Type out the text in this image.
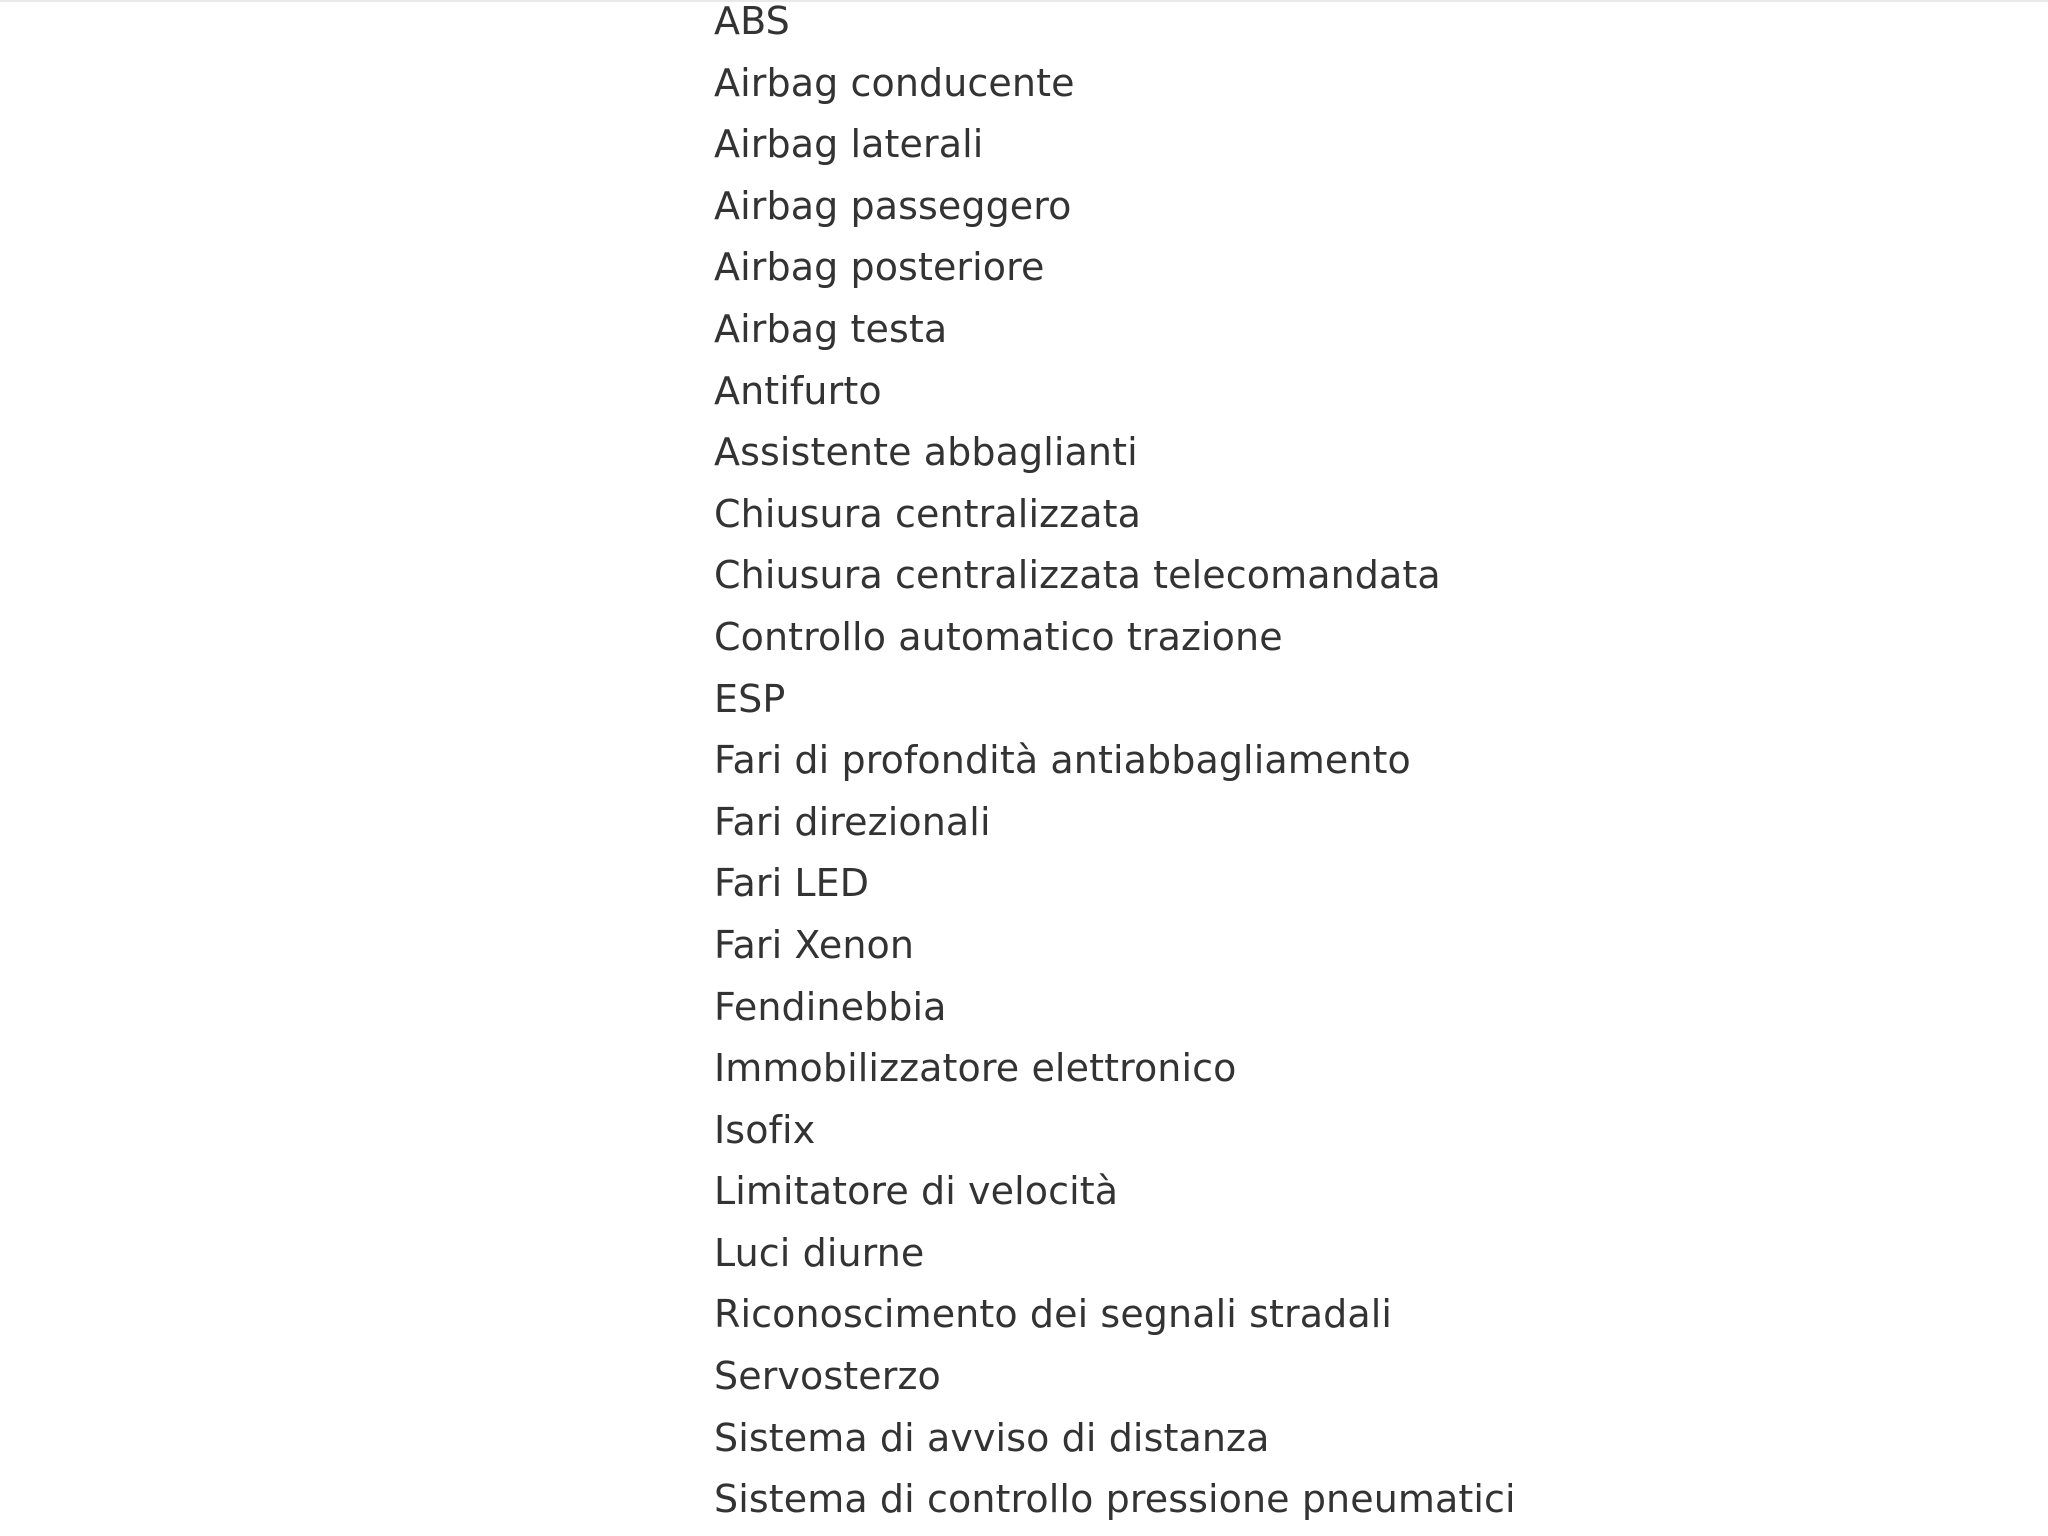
ABS
Airbag conducente
Airbag laterali
Airbag passeggero
Airbag posteriore
Airbag testa
Antifurto
Assistente abbaglianti
Chiusura centralizzata
Chiusura centralizzata telecomandata
Controllo automatico trazione
ESP
Fari di profondità antiabbagliamento
Fari direzionali
Fari LED
Fari Xenon
Fendinebbia
Immobilizzatore elettronico
Isofix
Limitatore di velocità
Luci diurne
Riconoscimento dei segnali stradali
Servosterzo
Sistema di avviso di distanza
Sistema di controllo pressione pneumatici
